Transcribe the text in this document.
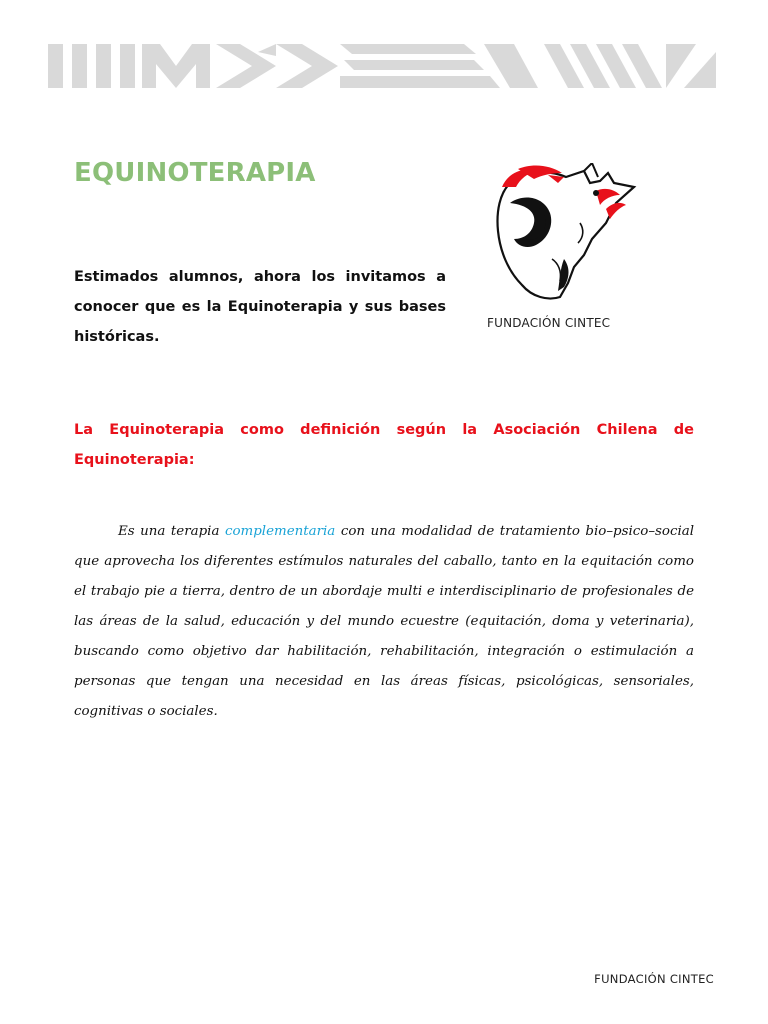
EQUINOTERAPIA

Estimados alumnos, ahora los invitamos a conocer que es la Equinoterapia y sus bases históricas.

FUNDACIÓN CINTEC

La Equinoterapia como definición según la Asociación Chilena de Equinoterapia:

Es una terapia complementaria con una modalidad de tratamiento bio–psico–social que aprovecha los diferentes estímulos naturales del caballo, tanto en la equitación como el trabajo pie a tierra, dentro de un abordaje multi e interdisciplinario de profesionales de las áreas de la salud, educación y del mundo ecuestre (equitación, doma y veterinaria), buscando como objetivo dar habilitación, rehabilitación, integración o estimulación a personas que tengan una necesidad en las áreas físicas, psicológicas, sensoriales, cognitivas o sociales.

FUNDACIÓN CINTEC
